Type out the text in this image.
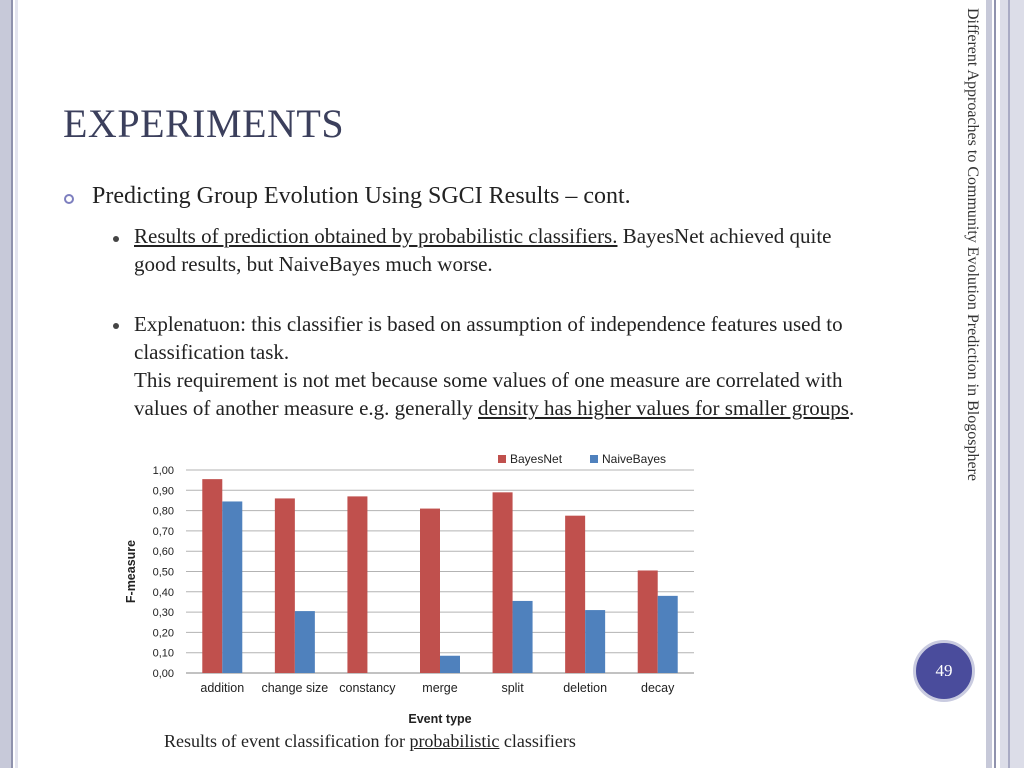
EXPERIMENTS
Predicting Group Evolution Using SGCI Results – cont.
Results of prediction obtained by probabilistic classifiers. BayesNet achieved quite good results, but NaiveBayes much worse.
Explenatuon: this classifier is based on assumption of independence features used to classification task.
This requirement is not met because some values of one measure are correlated with values of another measure e.g. generally density has higher values for smaller groups.	Different Approaches to Community Evolution Prediction in Blogosphere
49
0,00
0,10
0,20
0,30
0,40
0,50
0,60
0,70
0,80
0,90
1,00
addition change size constancy merge	split	deletion	decay
Event type
F-measure
BayesNet	NaiveBayes
Results of event classification for probabilistic classifiers
